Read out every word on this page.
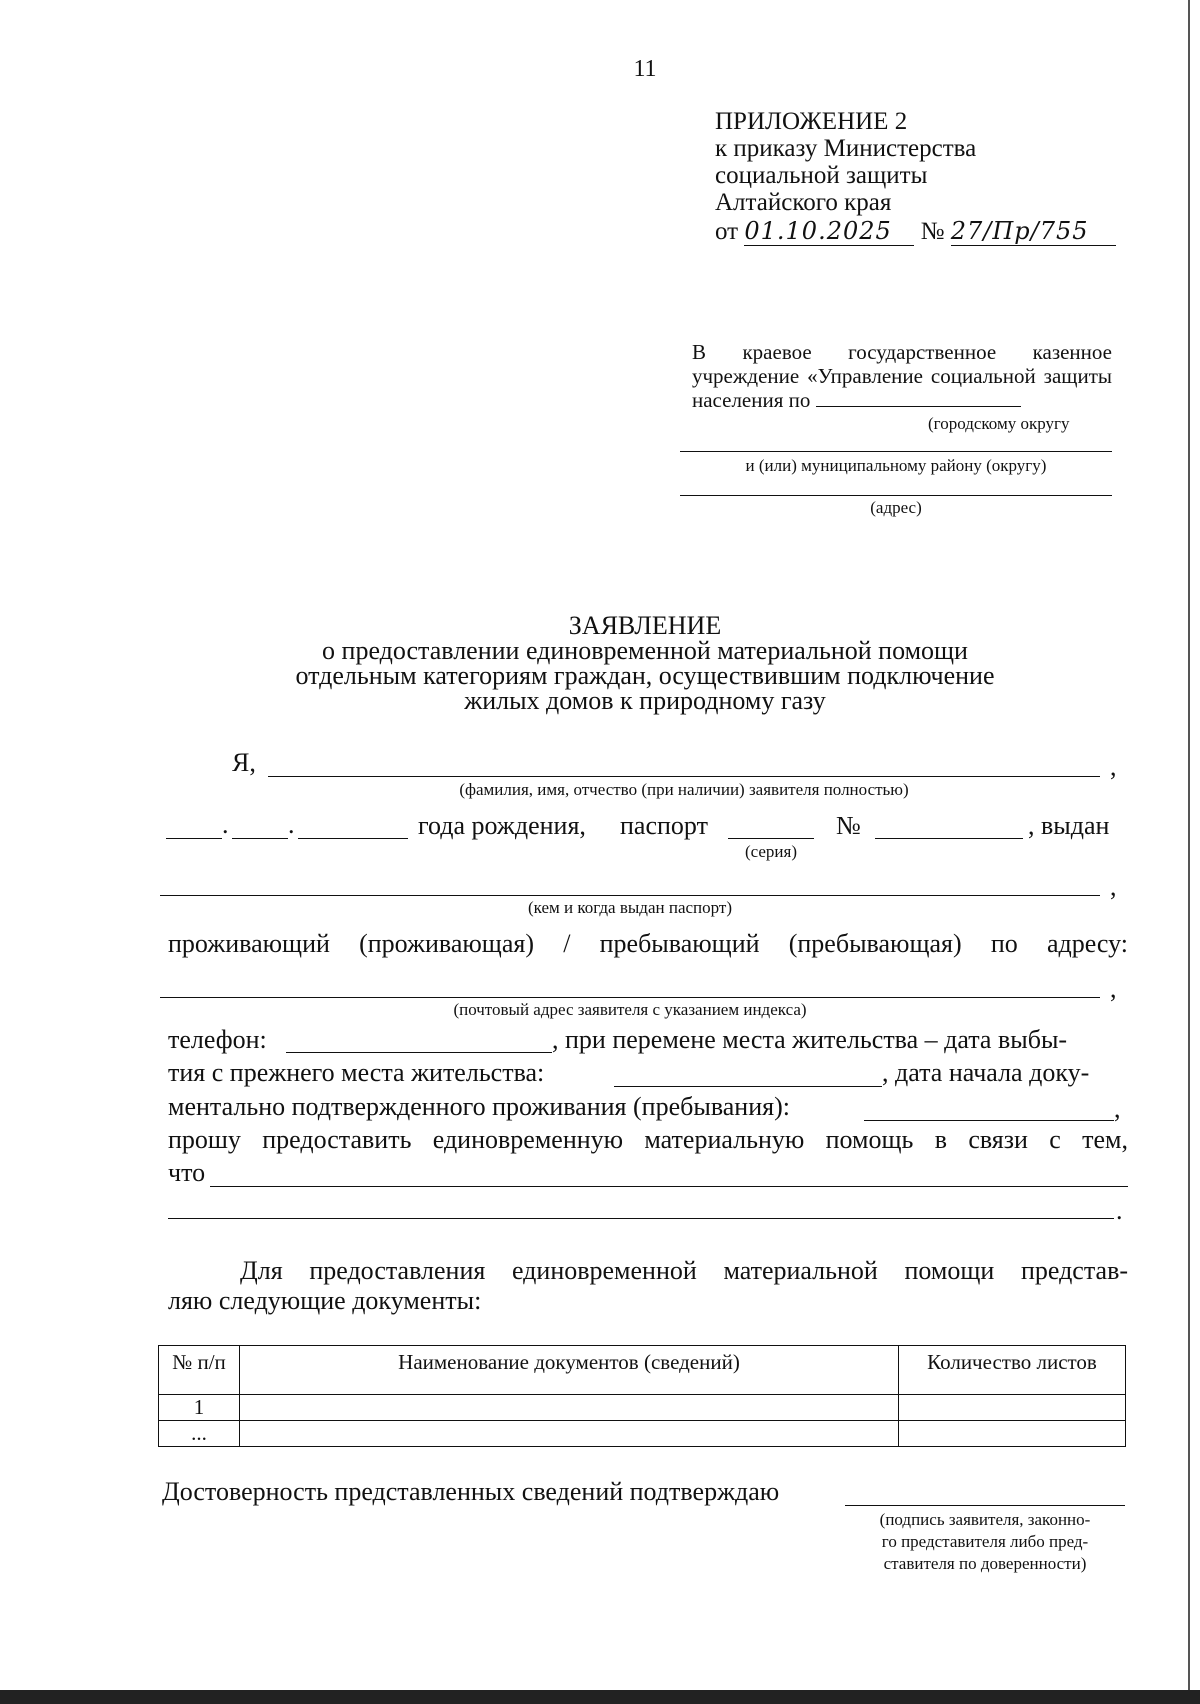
11
ПРИЛОЖЕНИЕ 2
к приказу Министерства
социальной защиты
Алтайского края
от 01.10.2025 № 27/Пр/755
В краевое государственное казенное учреждение «Управление социальной защиты населения по
(городскому округу
и (или) муниципальному району (округу)
(адрес)
ЗАЯВЛЕНИЕ
о предоставлении единовременной материальной помощи
отдельным категориям граждан, осуществившим подключение
жилых домов к природному газу
Я,	,
(фамилия, имя, отчество (при наличии) заявителя полностью)
. .	года рождения, паспорт	№	, выдан
(серия)
,
(кем и когда выдан паспорт)
проживающий (проживающая) / пребывающий (пребывающая) по адресу:
,
(почтовый адрес заявителя с указанием индекса)
телефон:	, при перемене места жительства – дата выбы-
тия с прежнего места жительства:	, дата начала доку-
ментально подтвержденного проживания (пребывания):	,
прошу предоставить единовременную материальную помощь в связи с тем,
что
.
Для предоставления единовременной материальной помощи представ-
ляю следующие документы:
№ п/п	Наименование документов (сведений)	Количество листов
1		
...		
Достоверность представленных сведений подтверждаю
(подпись заявителя, законно-
го представителя либо пред-
ставителя по доверенности)
